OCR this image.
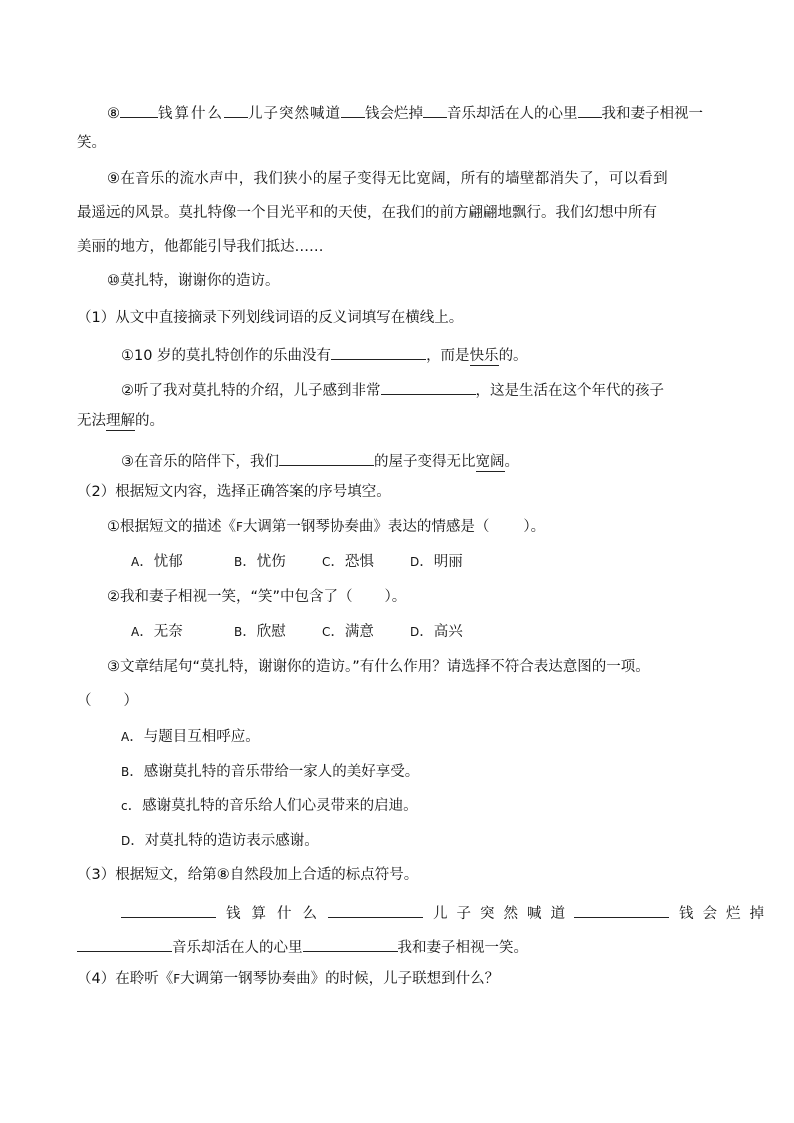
⑧	钱算什么 儿子突然喊道 钱会烂掉 音乐却活在人的心里 我和妻子相视一
笑。
⑨在音乐的流水声中，我们狭小的屋子变得无比宽阔，所有的墙壁都消失了，可以看到
最遥远的风景。莫扎特像一个目光平和的天使，在我们的前方翩翩地飘行。我们幻想中所有
美丽的地方，他都能引导我们抵达……
⑩莫扎特，谢谢你的造访。
（1）从文中直接摘录下列划线词语的反义词填写在横线上。
①10 岁的莫扎特创作的乐曲没有	，而是快乐的。
②听了我对莫扎特的介绍，儿子感到非常	，这是生活在这个年代的孩子
无法理解的。
③在音乐的陪伴下，我们	的屋子变得无比宽阔。
（2）根据短文内容，选择正确答案的序号填空。
①根据短文的描述《F大调第一钢琴协奏曲》表达的情感是（ ）。
A．忧郁	B．忧伤	C．恐惧	D．明丽
②我和妻子相视一笑，“笑”中包含了（ ）。
A．无奈	B．欣慰	C．满意	D．高兴
③文章结尾句“莫扎特，谢谢你的造访。”有什么作用？请选择不符合表达意图的一项。
（ ）
A．与题目互相呼应。
B．感谢莫扎特的音乐带给一家人的美好享受。
c．感谢莫扎特的音乐给人们心灵带来的启迪。
D．对莫扎特的造访表示感谢。
（3）根据短文，给第⑧自然段加上合适的标点符号。
钱算什么	儿子突然喊道	钱会烂掉
音乐却活在人的心里	我和妻子相视一笑。
（4）在聆听《F大调第一钢琴协奏曲》的时候，儿子联想到什么？
